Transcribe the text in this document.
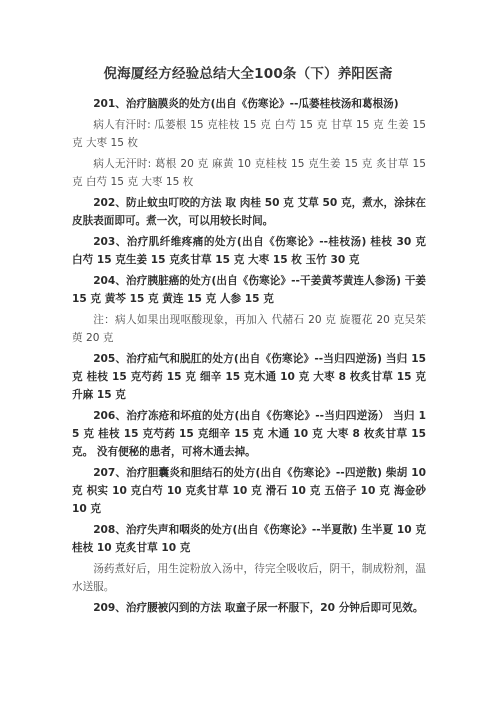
倪海厦经方经验总结大全100条（下）养阳医斋

201、治疗脑膜炎的处方(出自《伤寒论》--瓜蒌桂枝汤和葛根汤)

病人有汗时: 瓜蒌根 15 克桂枝 15 克 白芍 15 克 甘草 15 克 生姜 15 克 大枣 15 枚

病人无汗时: 葛根 20 克 麻黄 10 克桂枝 15 克生姜 15 克 炙甘草 15 克 白芍 15 克 大枣 15 枚

202、防止蚊虫叮咬的方法 取 肉桂 50 克 艾草 50 克，煮水，涂抹在皮肤表面即可。煮一次，可以用较长时间。

203、治疗肌纤维疼痛的处方(出自《伤寒论》--桂枝汤) 桂枝 30 克 白芍 15 克生姜 15 克炙甘草 15 克 大枣 15 枚 玉竹 30 克

204、治疗胰脏癌的处方(出自《伤寒论》--干姜黄芩黄连人参汤) 干姜 15 克 黄芩 15 克 黄连 15 克 人参 15 克

注：病人如果出现呕酸现象，再加入 代赭石 20 克 旋覆花 20 克吴茱萸 20 克

205、治疗疝气和脱肛的处方(出自《伤寒论》--当归四逆汤) 当归 15 克 桂枝 15 克芍药 15 克 细辛 15 克木通 10 克 大枣 8 枚炙甘草 15 克 升麻 15 克

206、治疗冻疮和坏疽的处方(出自《伤寒论》--当归四逆汤） 当归 15 克 桂枝 15 克芍药 15 克细辛 15 克 木通 10 克 大枣 8 枚炙甘草 15 克。 没有便秘的患者，可将木通去掉。

207、治疗胆囊炎和胆结石的处方(出自《伤寒论》--四逆散) 柴胡 10 克 枳实 10 克白芍 10 克炙甘草 10 克 滑石 10 克 五倍子 10 克 海金砂 10 克

208、治疗失声和咽炎的处方(出自《伤寒论》--半夏散) 生半夏 10 克 桂枝 10 克炙甘草 10 克

汤药煮好后，用生淀粉放入汤中，待完全吸收后，阴干，制成粉剂，温水送服。

209、治疗腰被闪到的方法 取童子尿一杯服下，20 分钟后即可见效。
